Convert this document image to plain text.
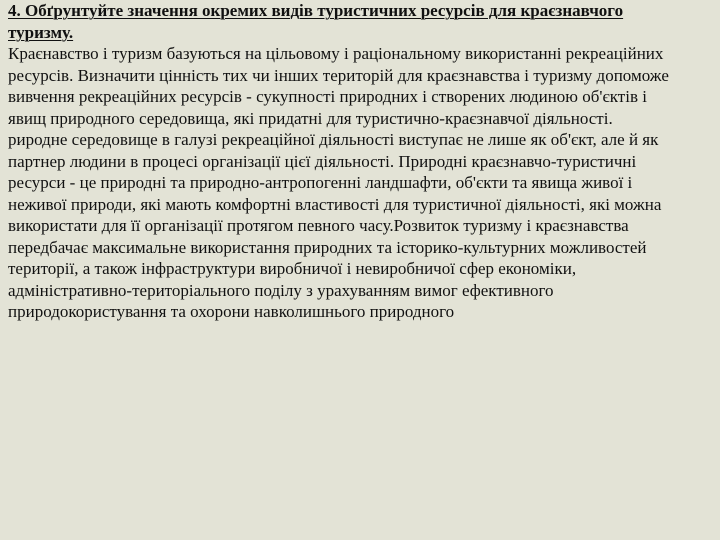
4. Обґрунтуйте значення окремих видів туристичних ресурсів для краєзнавчого
туризму.

Краєнавство і туризм базуються на цільовому і раціональному використанні рекреаційних
ресурсів. Визначити цінність тих чи інших територій для краєзнавства і туризму допоможе
вивчення рекреаційних ресурсів - сукупності природних і створених людиною об'єктів і
явищ природного середовища, які придатні для туристично-краєзнавчої діяльності.
риродне середовище в галузі рекреаційної діяльності виступає не лише як об'єкт, але й як
партнер людини в процесі організації цієї діяльності. Природні краєзнавчо-туристичні
ресурси - це природні та природно-антропогенні ландшафти, об'єкти та явища живої і
неживої природи, які мають комфортні властивості для туристичної діяльності, які можна
використати для її організації протягом певного часу.Розвиток туризму і краєзнавства
передбачає максимальне використання природних та історико-культурних можливостей
території, а також інфраструктури виробничої і невиробничої сфер економіки,
адміністративно-територіального поділу з урахуванням вимог ефективного
природокористування та охорони навколишнього природного
